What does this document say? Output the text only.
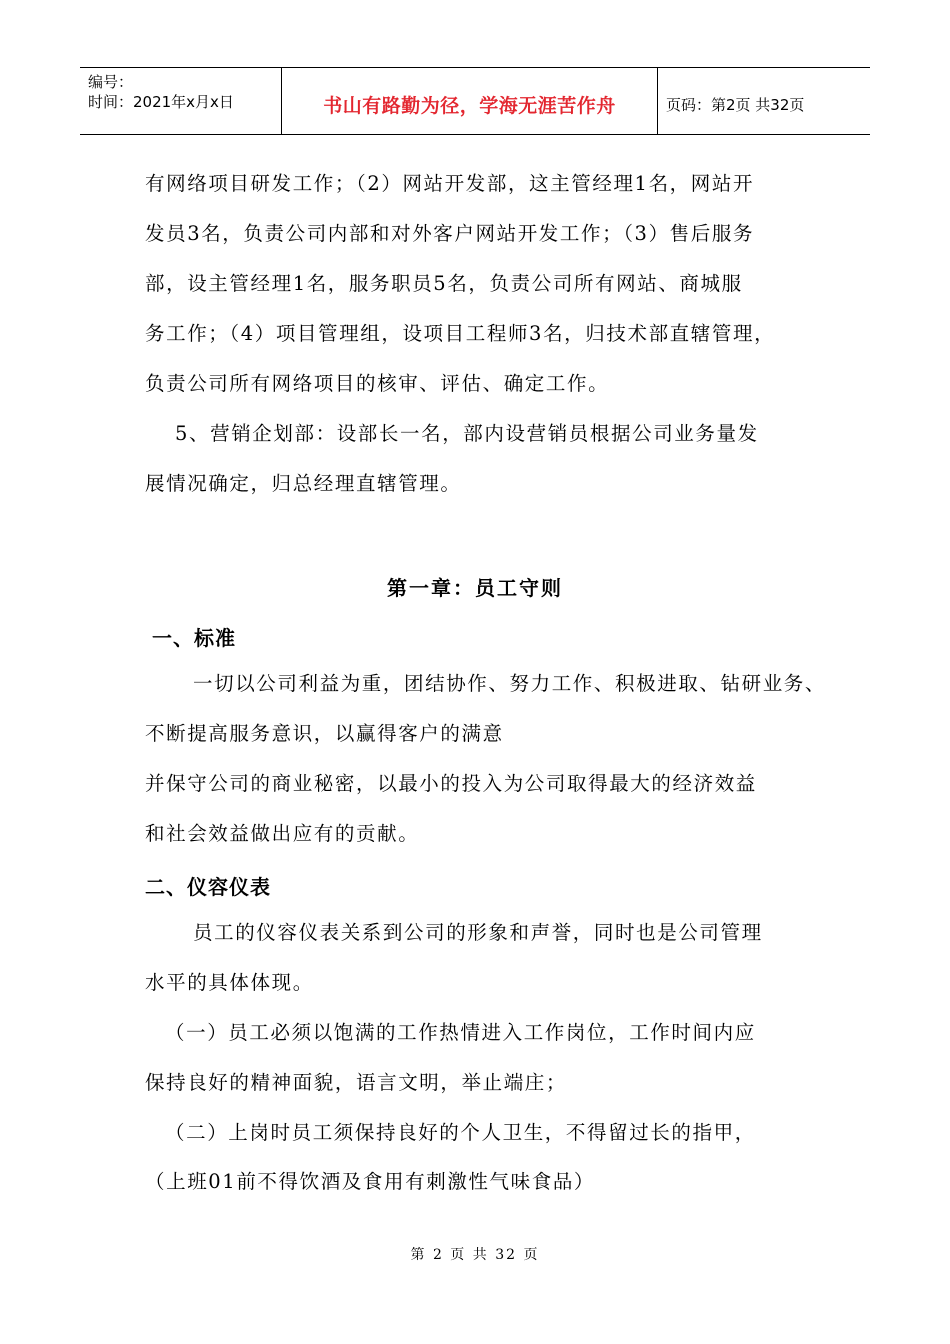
编号：
时间：2021年x月x日	书山有路勤为径，学海无涯苦作舟	页码：第2页 共32页
有网络项目研发工作；（2）网站开发部，这主管经理1名，网站开
发员3名，负责公司内部和对外客户网站开发工作；（3）售后服务
部，设主管经理1名，服务职员5名，负责公司所有网站、商城服
务工作；（4）项目管理组，设项目工程师3名，归技术部直辖管理，
负责公司所有网络项目的核审、评估、确定工作。
5、营销企划部：设部长一名，部内设营销员根据公司业务量发
展情况确定，归总经理直辖管理。
第一章：员工守则
一、标准
一切以公司利益为重，团结协作、努力工作、积极进取、钻研业务、
不断提高服务意识，以赢得客户的满意
并保守公司的商业秘密，以最小的投入为公司取得最大的经济效益
和社会效益做出应有的贡献。
二、仪容仪表
员工的仪容仪表关系到公司的形象和声誉，同时也是公司管理
水平的具体体现。
（一）员工必须以饱满的工作热情进入工作岗位，工作时间内应
保持良好的精神面貌，语言文明，举止端庄；
（二）上岗时员工须保持良好的个人卫生，不得留过长的指甲，
（上班01前不得饮酒及食用有刺激性气味食品）
第 2 页 共 32 页
